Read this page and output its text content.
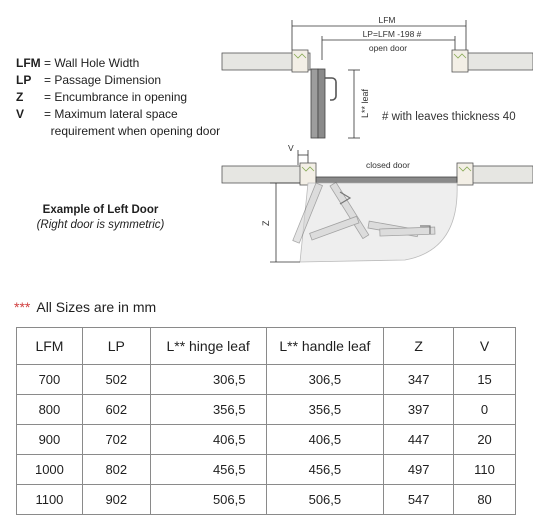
LFM = Wall Hole Width
LP	= Passage Dimension
Z	= Encumbrance in opening
V	= Maximum lateral space
requirement when opening door
Example of Left Door
(Right door is symmetric)
LFM
LP=LFM -198 #
open door
L** leaf # with leaves thickness 40
V
closed door
Z
*** All Sizes are in mm
LFM	LP	L** hinge leaf	L** handle leaf	Z	V
700	502	306,5	306,5	347	15
800	602	356,5	356,5	397	0
900	702	406,5	406,5	447	20
1000	802	456,5	456,5	497	110
1100	902	506,5	506,5	547	80
